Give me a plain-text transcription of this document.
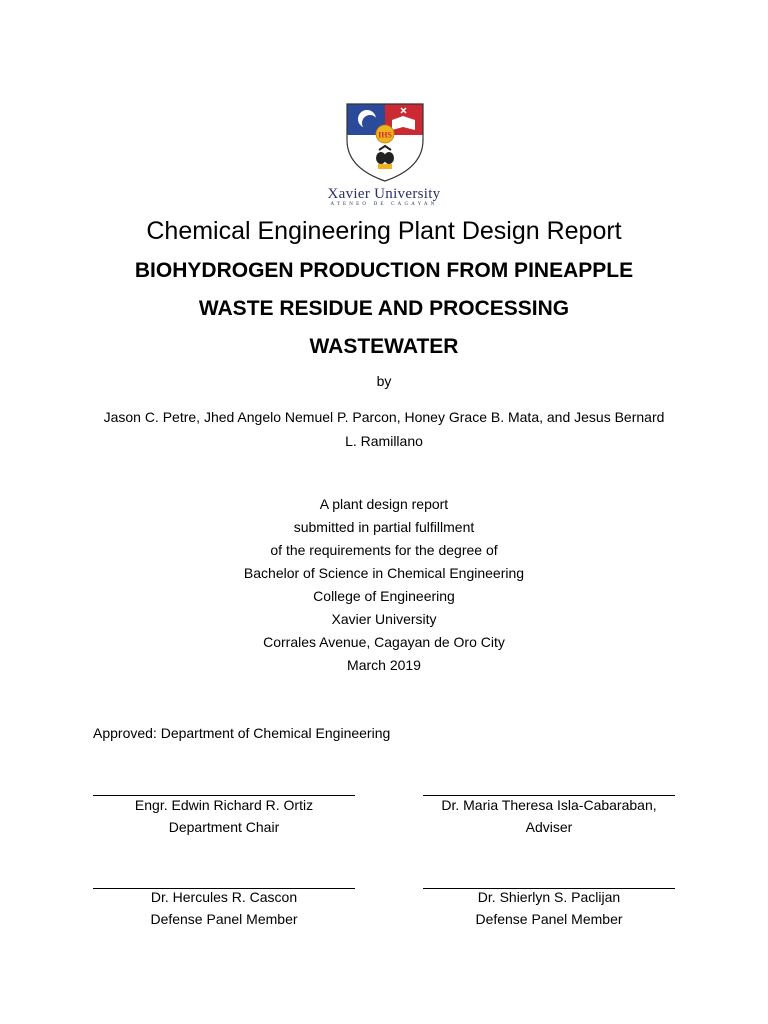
IHS
Xavier University
ATENEO DE CAGAYAN
Chemical Engineering Plant Design Report
BIOHYDROGEN PRODUCTION FROM PINEAPPLE
WASTE RESIDUE AND PROCESSING
WASTEWATER
by
Jason C. Petre, Jhed Angelo Nemuel P. Parcon, Honey Grace B. Mata, and Jesus Bernard
L. Ramillano
A plant design report
submitted in partial fulfillment
of the requirements for the degree of
Bachelor of Science in Chemical Engineering
College of Engineering
Xavier University
Corrales Avenue, Cagayan de Oro City
March 2019
Approved: Department of Chemical Engineering
Engr. Edwin Richard R. Ortiz
Department Chair
Dr. Maria Theresa Isla-Cabaraban,
Adviser
Dr. Hercules R. Cascon
Defense Panel Member
Dr. Shierlyn S. Paclijan
Defense Panel Member
